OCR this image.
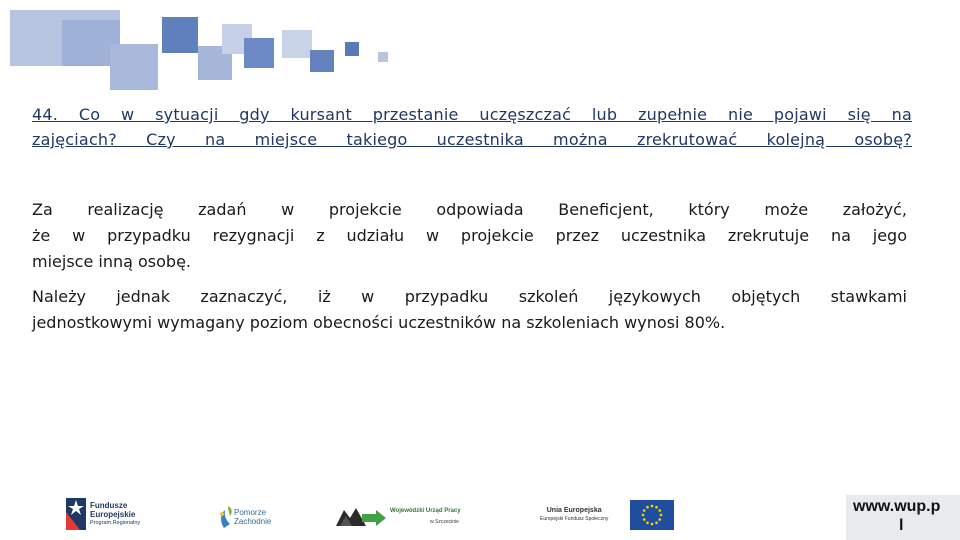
44. Co w sytuacji gdy kursant przestanie uczęszczać lub zupełnie nie pojawi się na
zajęciach? Czy na miejsce takiego uczestnika można zrekrutować kolejną osobę?
Za realizację zadań w projekcie odpowiada Beneficjent, który może założyć,
że w przypadku rezygnacji z udziału w projekcie przez uczestnika zrekrutuje na jego
miejsce inną osobę.
Należy jednak zaznaczyć, iż w przypadku szkoleń językowych objętych stawkami
jednostkowymi wymagany poziom obecności uczestników na szkoleniach wynosi 80%.
Fundusze
Europejskie
Program Regionalny
Pomorze
Zachodnie
Wojewódzki Urząd Pracy
w Szczecinie
Unia Europejska
Europejski Fundusz Społeczny
www.wup.p
l
